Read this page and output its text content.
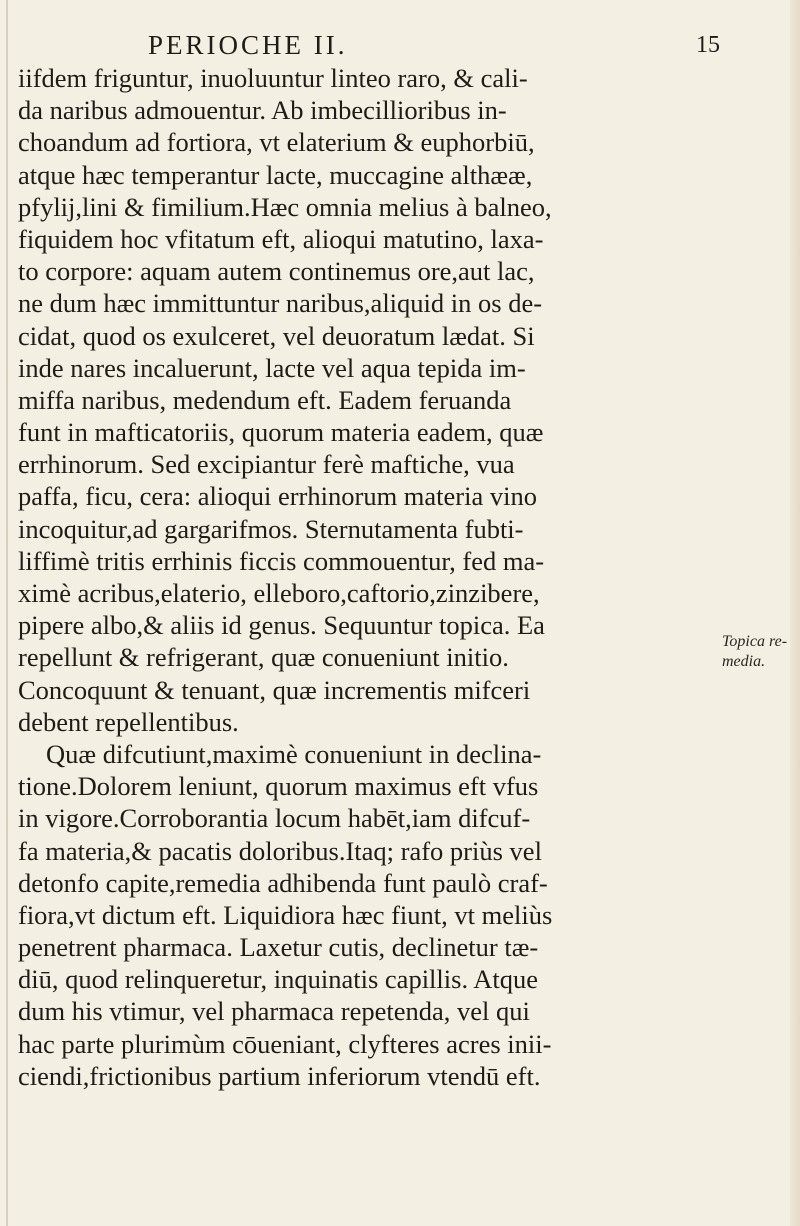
PERIOCHE II.	15
iifdem friguntur, inuoluuntur linteo raro, & cali-
da naribus admouentur. Ab imbecillioribus in-
choandum ad fortiora, vt elaterium & euphorbiū,
atque hæc temperantur lacte, muccagine althææ,
pfylij,lini & fimilium.Hæc omnia melius à balneo,
fiquidem hoc vfitatum eft, alioqui matutino, laxa-
to corpore: aquam autem continemus ore,aut lac,
ne dum hæc immittuntur naribus,aliquid in os de-
cidat, quod os exulceret, vel deuoratum lædat. Si
inde nares incaluerunt, lacte vel aqua tepida im-
miffa naribus, medendum eft. Eadem feruanda
funt in mafticatoriis, quorum materia eadem, quæ
errhinorum. Sed excipiantur ferè maftiche, vua
paffa, ficu, cera: alioqui errhinorum materia vino
incoquitur,ad gargarifmos. Sternutamenta fubti-
liffimè tritis errhinis ficcis commouentur, fed ma-
ximè acribus,elaterio, elleboro,caftorio,zinzibere,
pipere albo,& aliis id genus. Sequuntur topica. Ea
repellunt & refrigerant, quæ conueniunt initio.
Concoquunt & tenuant, quæ incrementis mifceri
debent repellentibus.
Quæ difcutiunt,maximè conueniunt in declina-
tione.Dolorem leniunt, quorum maximus eft vfus
in vigore.Corroborantia locum habēt,iam difcuf-
fa materia,& pacatis doloribus.Itaq; rafo priùs vel
detonfo capite,remedia adhibenda funt paulò craf-
fiora,vt dictum eft. Liquidiora hæc fiunt, vt meliùs
penetrent pharmaca. Laxetur cutis, declinetur tæ-
diū, quod relinqueretur, inquinatis capillis. Atque
dum his vtimur, vel pharmaca repetenda, vel qui
hac parte plurimùm cōueniant, clyfteres acres inii-
ciendi,frictionibus partium inferiorum vtendū eft.
Topica re-
media.
